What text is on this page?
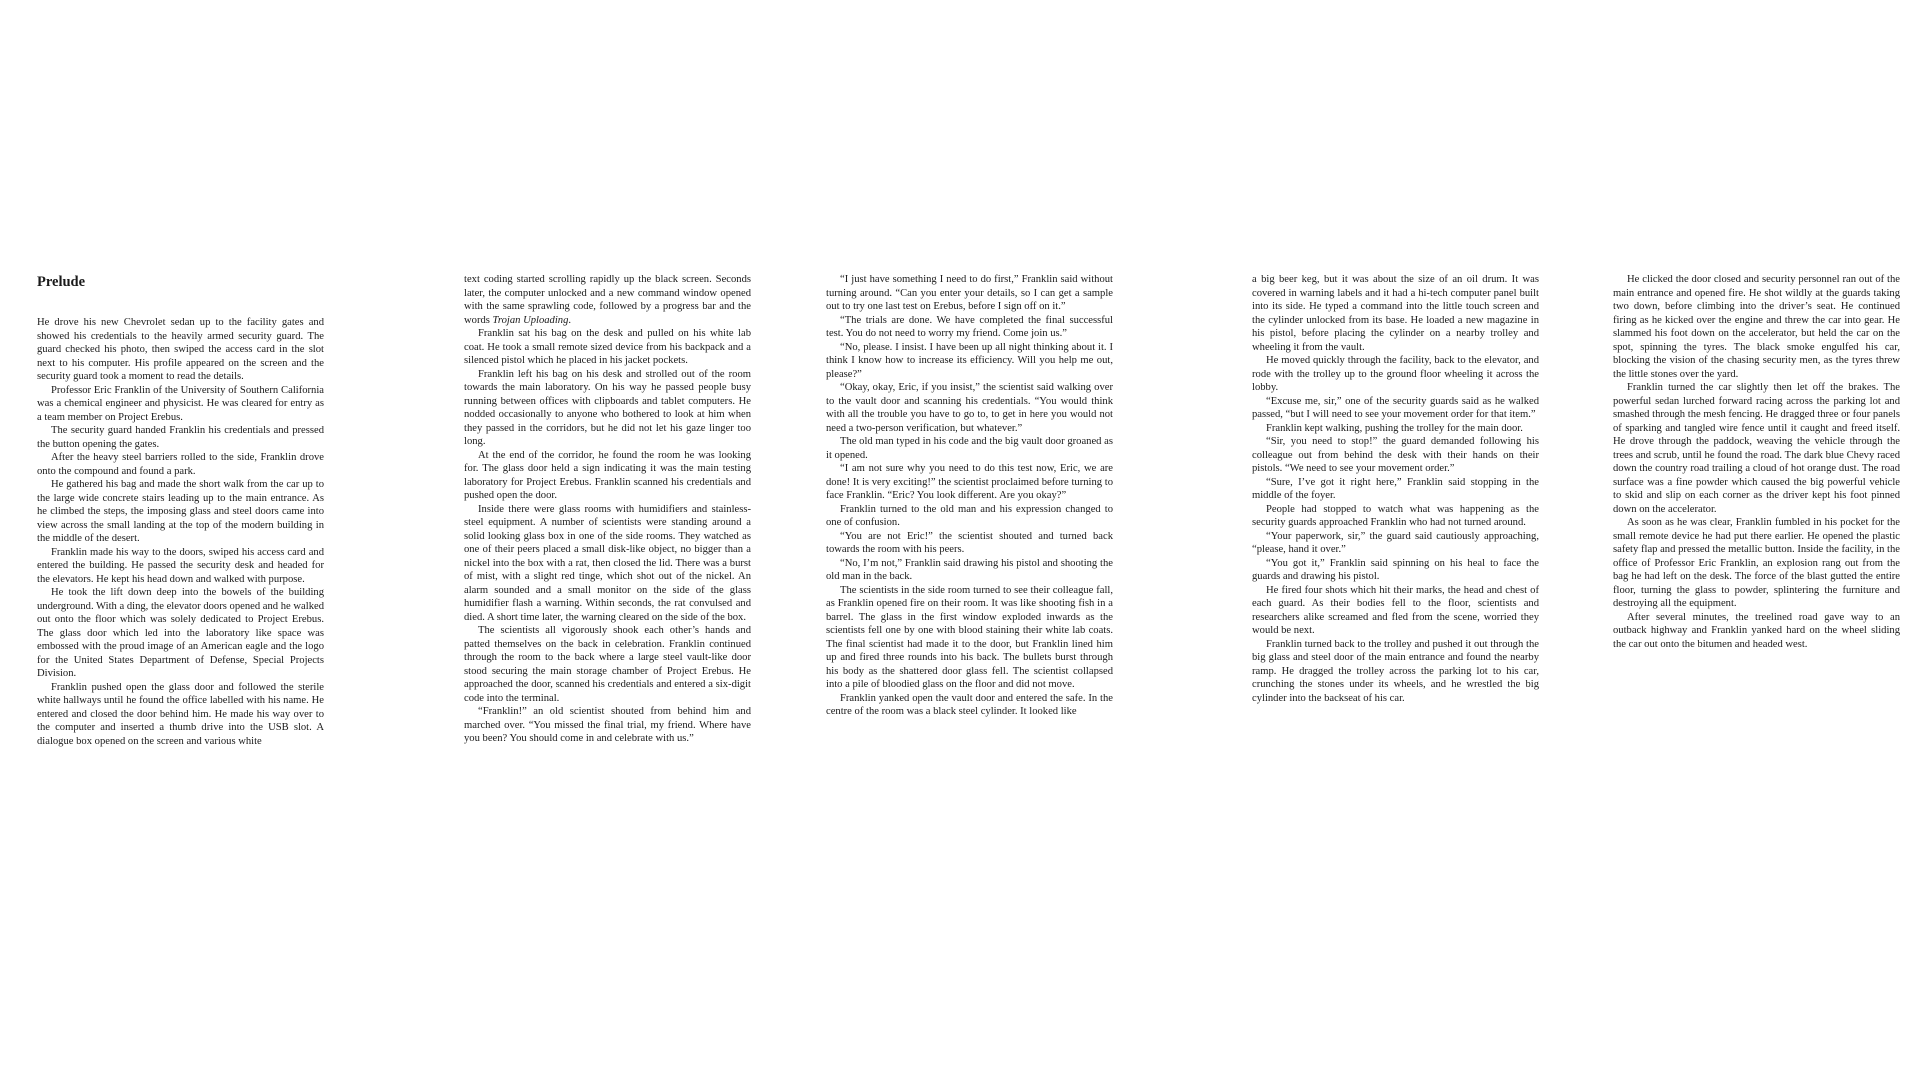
Prelude

He drove his new Chevrolet sedan up to the facility gates and showed his credentials to the heavily armed security guard. The guard checked his photo, then swiped the access card in the slot next to his computer. His profile appeared on the screen and the security guard took a moment to read the details.

Professor Eric Franklin of the University of Southern California was a chemical engineer and physicist. He was cleared for entry as a team member on Project Erebus.

The security guard handed Franklin his credentials and pressed the button opening the gates.

After the heavy steel barriers rolled to the side, Franklin drove onto the compound and found a park.

He gathered his bag and made the short walk from the car up to the large wide concrete stairs leading up to the main entrance. As he climbed the steps, the imposing glass and steel doors came into view across the small landing at the top of the modern building in the middle of the desert.

Franklin made his way to the doors, swiped his access card and entered the building. He passed the security desk and headed for the elevators. He kept his head down and walked with purpose.

He took the lift down deep into the bowels of the building underground. With a ding, the elevator doors opened and he walked out onto the floor which was solely dedicated to Project Erebus. The glass door which led into the laboratory like space was embossed with the proud image of an American eagle and the logo for the United States Department of Defense, Special Projects Division.

Franklin pushed open the glass door and followed the sterile white hallways until he found the office labelled with his name. He entered and closed the door behind him. He made his way over to the computer and inserted a thumb drive into the USB slot. A dialogue box opened on the screen and various white

text coding started scrolling rapidly up the black screen. Seconds later, the computer unlocked and a new command window opened with the same sprawling code, followed by a progress bar and the words Trojan Uploading.

Franklin sat his bag on the desk and pulled on his white lab coat. He took a small remote sized device from his backpack and a silenced pistol which he placed in his jacket pockets.

Franklin left his bag on his desk and strolled out of the room towards the main laboratory. On his way he passed people busy running between offices with clipboards and tablet computers. He nodded occasionally to anyone who bothered to look at him when they passed in the corridors, but he did not let his gaze linger too long.

At the end of the corridor, he found the room he was looking for. The glass door held a sign indicating it was the main testing laboratory for Project Erebus. Franklin scanned his credentials and pushed open the door.

Inside there were glass rooms with humidifiers and stainless-steel equipment. A number of scientists were standing around a solid looking glass box in one of the side rooms. They watched as one of their peers placed a small disk-like object, no bigger than a nickel into the box with a rat, then closed the lid. There was a burst of mist, with a slight red tinge, which shot out of the nickel. An alarm sounded and a small monitor on the side of the glass humidifier flash a warning. Within seconds, the rat convulsed and died. A short time later, the warning cleared on the side of the box.

The scientists all vigorously shook each other’s hands and patted themselves on the back in celebration. Franklin continued through the room to the back where a large steel vault-like door stood securing the main storage chamber of Project Erebus. He approached the door, scanned his credentials and entered a six-digit code into the terminal.

“Franklin!” an old scientist shouted from behind him and marched over. “You missed the final trial, my friend. Where have you been? You should come in and celebrate with us.”

“I just have something I need to do first,” Franklin said without turning around. “Can you enter your details, so I can get a sample out to try one last test on Erebus, before I sign off on it.”

“The trials are done. We have completed the final successful test. You do not need to worry my friend. Come join us.”

“No, please. I insist. I have been up all night thinking about it. I think I know how to increase its efficiency. Will you help me out, please?”

“Okay, okay, Eric, if you insist,” the scientist said walking over to the vault door and scanning his credentials. “You would think with all the trouble you have to go to, to get in here you would not need a two-person verification, but whatever.”

The old man typed in his code and the big vault door groaned as it opened.

“I am not sure why you need to do this test now, Eric, we are done! It is very exciting!” the scientist proclaimed before turning to face Franklin. “Eric? You look different. Are you okay?”

Franklin turned to the old man and his expression changed to one of confusion.

“You are not Eric!” the scientist shouted and turned back towards the room with his peers.

“No, I’m not,” Franklin said drawing his pistol and shooting the old man in the back.

The scientists in the side room turned to see their colleague fall, as Franklin opened fire on their room. It was like shooting fish in a barrel. The glass in the first window exploded inwards as the scientists fell one by one with blood staining their white lab coats. The final scientist had made it to the door, but Franklin lined him up and fired three rounds into his back. The bullets burst through his body as the shattered door glass fell. The scientist collapsed into a pile of bloodied glass on the floor and did not move.

Franklin yanked open the vault door and entered the safe. In the centre of the room was a black steel cylinder. It looked like

a big beer keg, but it was about the size of an oil drum. It was covered in warning labels and it had a hi-tech computer panel built into its side. He typed a command into the little touch screen and the cylinder unlocked from its base. He loaded a new magazine in his pistol, before placing the cylinder on a nearby trolley and wheeling it from the vault.

He moved quickly through the facility, back to the elevator, and rode with the trolley up to the ground floor wheeling it across the lobby.

“Excuse me, sir,” one of the security guards said as he walked passed, “but I will need to see your movement order for that item.”

Franklin kept walking, pushing the trolley for the main door.

“Sir, you need to stop!” the guard demanded following his colleague out from behind the desk with their hands on their pistols. “We need to see your movement order.”

“Sure, I’ve got it right here,” Franklin said stopping in the middle of the foyer.

People had stopped to watch what was happening as the security guards approached Franklin who had not turned around.

“Your paperwork, sir,” the guard said cautiously approaching, “please, hand it over.”

“You got it,” Franklin said spinning on his heal to face the guards and drawing his pistol.

He fired four shots which hit their marks, the head and chest of each guard. As their bodies fell to the floor, scientists and researchers alike screamed and fled from the scene, worried they would be next.

Franklin turned back to the trolley and pushed it out through the big glass and steel door of the main entrance and found the nearby ramp. He dragged the trolley across the parking lot to his car, crunching the stones under its wheels, and he wrestled the big cylinder into the backseat of his car.

He clicked the door closed and security personnel ran out of the main entrance and opened fire. He shot wildly at the guards taking two down, before climbing into the driver’s seat. He continued firing as he kicked over the engine and threw the car into gear. He slammed his foot down on the accelerator, but held the car on the spot, spinning the tyres. The black smoke engulfed his car, blocking the vision of the chasing security men, as the tyres threw the little stones over the yard.

Franklin turned the car slightly then let off the brakes. The powerful sedan lurched forward racing across the parking lot and smashed through the mesh fencing. He dragged three or four panels of sparking and tangled wire fence until it caught and freed itself. He drove through the paddock, weaving the vehicle through the trees and scrub, until he found the road. The dark blue Chevy raced down the country road trailing a cloud of hot orange dust. The road surface was a fine powder which caused the big powerful vehicle to skid and slip on each corner as the driver kept his foot pinned down on the accelerator.

As soon as he was clear, Franklin fumbled in his pocket for the small remote device he had put there earlier. He opened the plastic safety flap and pressed the metallic button. Inside the facility, in the office of Professor Eric Franklin, an explosion rang out from the bag he had left on the desk. The force of the blast gutted the entire floor, turning the glass to powder, splintering the furniture and destroying all the equipment.

After several minutes, the treelined road gave way to an outback highway and Franklin yanked hard on the wheel sliding the car out onto the bitumen and headed west.
